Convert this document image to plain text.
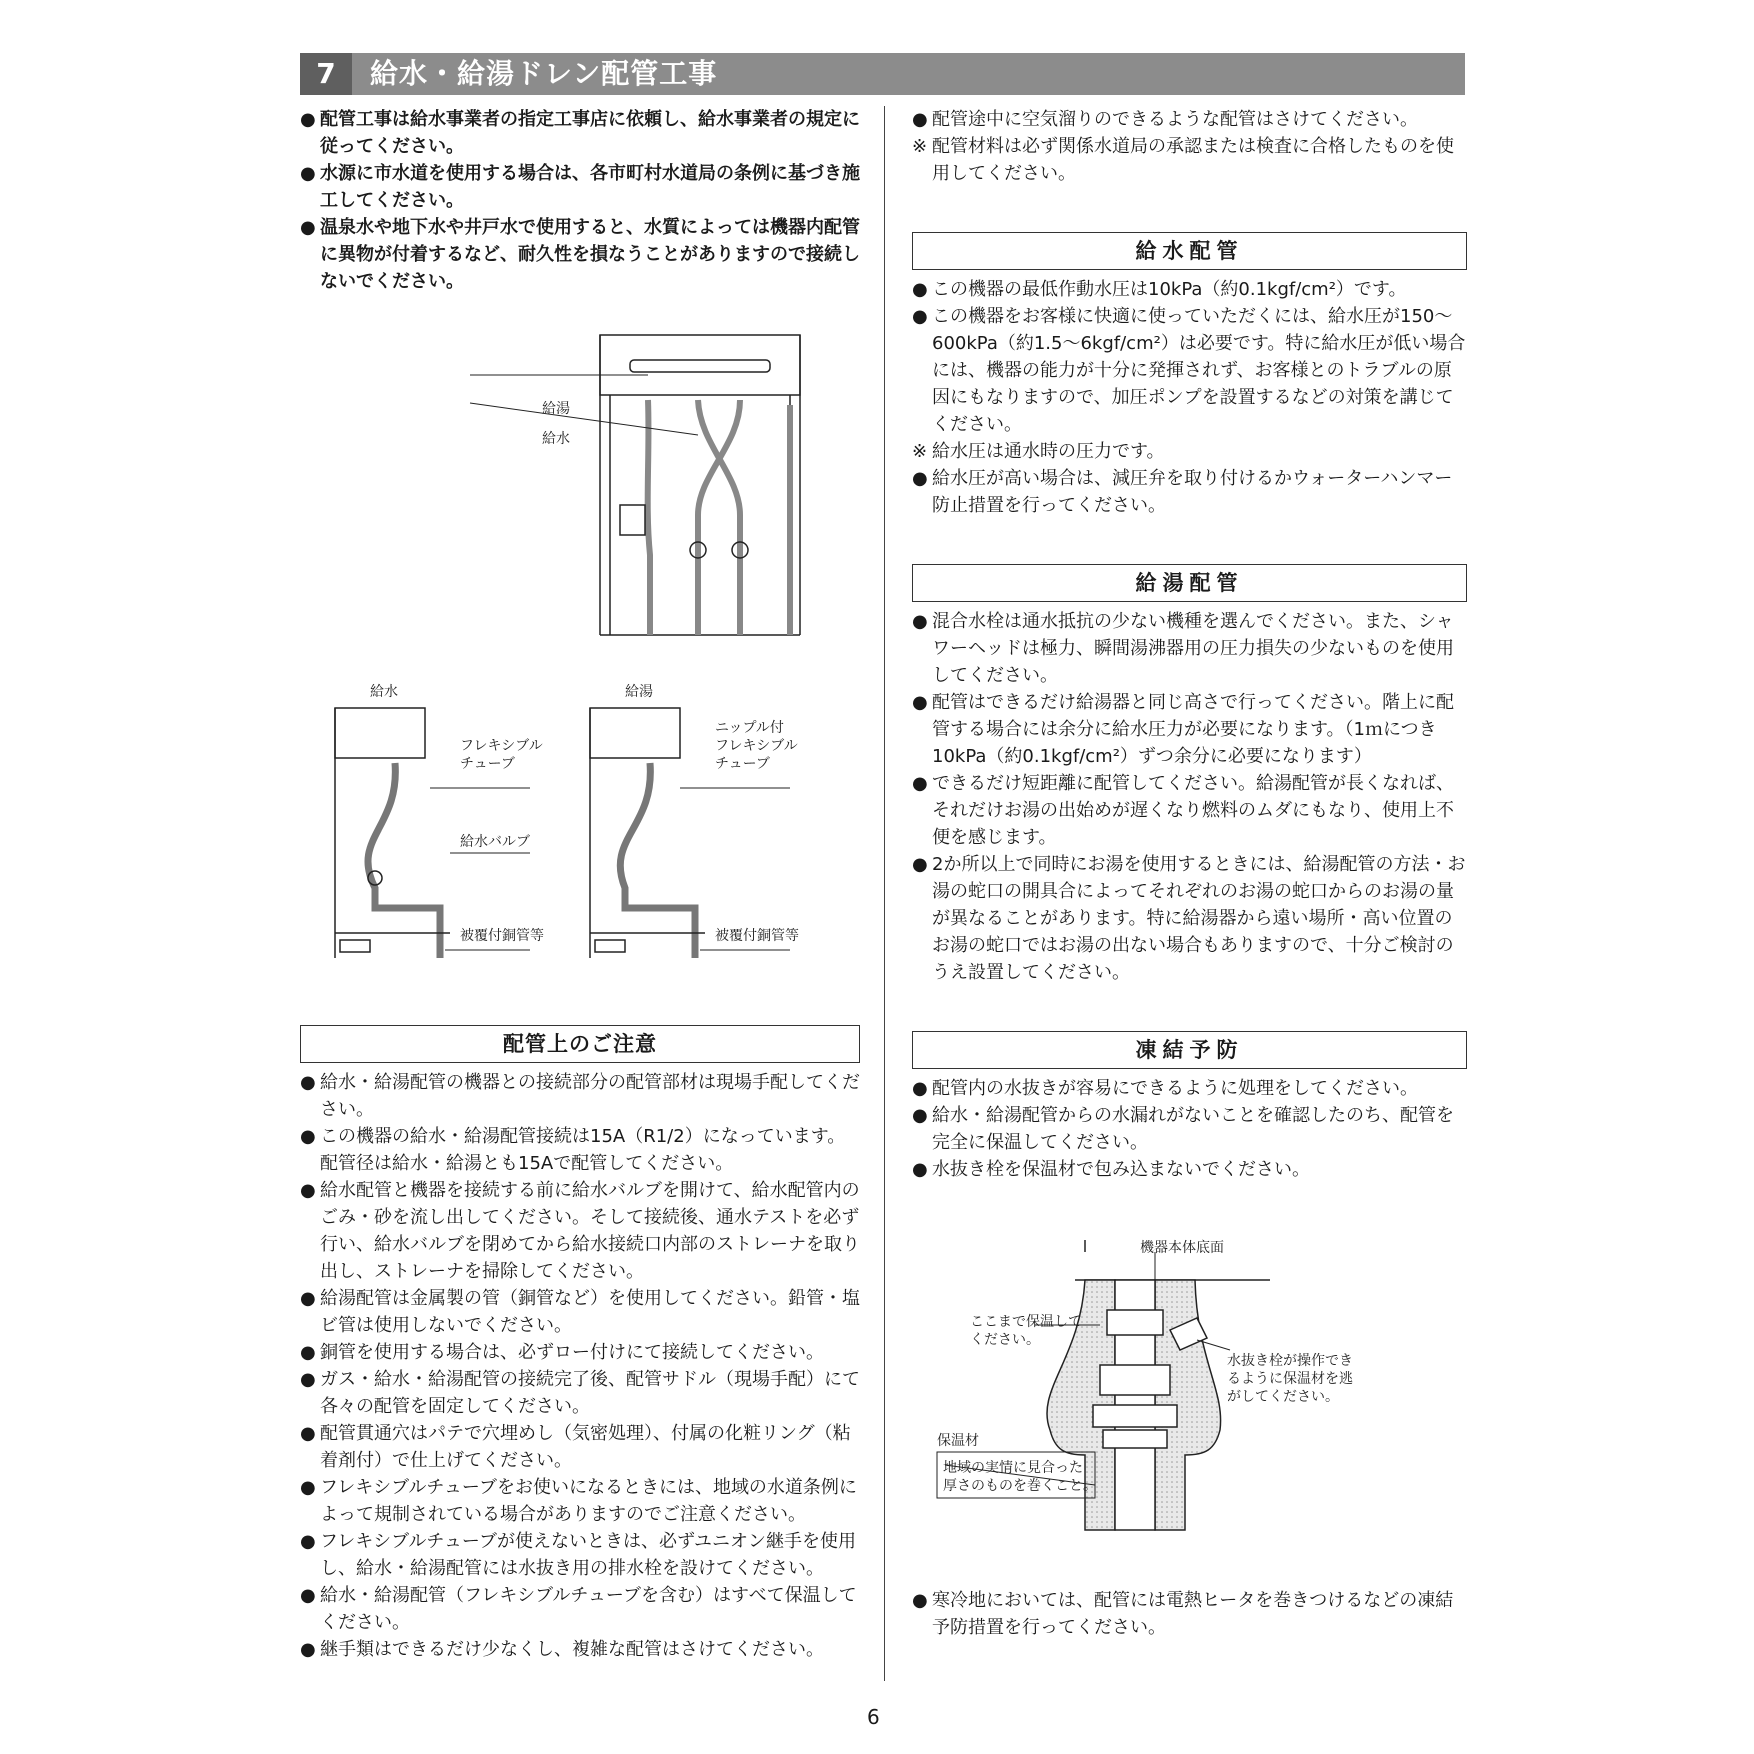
7	給水・給湯ドレン配管工事
● 配管工事は給水事業者の指定工事店に依頼し、給水事業者の規定に従ってください。
● 水源に市水道を使用する場合は、各市町村水道局の条例に基づき施工してください。
● 温泉水や地下水や井戸水で使用すると、水質によっては機器内配管に異物が付着するなど、耐久性を損なうことがありますので接続しないでください。
給湯
給水
給水
フレキシブル
チューブ
給水バルブ
被覆付銅管等
給湯
ニップル付
フレキシブル
チューブ
被覆付銅管等
配管上のご注意
● 給水・給湯配管の機器との接続部分の配管部材は現場手配してください。
● この機器の給水・給湯配管接続は15A（R1/2）になっています。配管径は給水・給湯とも15Aで配管してください。
● 給水配管と機器を接続する前に給水バルブを開けて、給水配管内のごみ・砂を流し出してください。そして接続後、通水テストを必ず行い、給水バルブを閉めてから給水接続口内部のストレーナを取り出し、ストレーナを掃除してください。
● 給湯配管は金属製の管（銅管など）を使用してください。鉛管・塩ビ管は使用しないでください。
● 銅管を使用する場合は、必ずロー付けにて接続してください。
● ガス・給水・給湯配管の接続完了後、配管サドル（現場手配）にて各々の配管を固定してください。
● 配管貫通穴はパテで穴埋めし（気密処理）、付属の化粧リング（粘着剤付）で仕上げてください。
● フレキシブルチューブをお使いになるときには、地域の水道条例によって規制されている場合がありますのでご注意ください。
● フレキシブルチューブが使えないときは、必ずユニオン継手を使用し、給水・給湯配管には水抜き用の排水栓を設けてください。
● 給水・給湯配管（フレキシブルチューブを含む）はすべて保温してください。
● 継手類はできるだけ少なくし、複雑な配管はさけてください。
● 配管途中に空気溜りのできるような配管はさけてください。
※ 配管材料は必ず関係水道局の承認または検査に合格したものを使用してください。
給水配管
● この機器の最低作動水圧は10kPa（約0.1kgf/cm²）です。
● この機器をお客様に快適に使っていただくには、給水圧が150～600kPa（約1.5～6kgf/cm²）は必要です。特に給水圧が低い場合には、機器の能力が十分に発揮されず、お客様とのトラブルの原因にもなりますので、加圧ポンプを設置するなどの対策を講じてください。
※ 給水圧は通水時の圧力です。
● 給水圧が高い場合は、減圧弁を取り付けるかウォーターハンマー防止措置を行ってください。
給湯配管
● 混合水栓は通水抵抗の少ない機種を選んでください。また、シャワーヘッドは極力、瞬間湯沸器用の圧力損失の少ないものを使用してください。
● 配管はできるだけ給湯器と同じ高さで行ってください。階上に配管する場合には余分に給水圧力が必要になります。（1ｍにつき10kPa（約0.1kgf/cm²）ずつ余分に必要になります）
● できるだけ短距離に配管してください。給湯配管が長くなれば、それだけお湯の出始めが遅くなり燃料のムダにもなり、使用上不便を感じます。
● 2か所以上で同時にお湯を使用するときには、給湯配管の方法・お湯の蛇口の開具合によってそれぞれのお湯の蛇口からのお湯の量が異なることがあります。特に給湯器から遠い場所・高い位置のお湯の蛇口ではお湯の出ない場合もありますので、十分ご検討のうえ設置してください。
凍結予防
● 配管内の水抜きが容易にできるように処理をしてください。
● 給水・給湯配管からの水漏れがないことを確認したのち、配管を完全に保温してください。
● 水抜き栓を保温材で包み込まないでください。
機器本体底面
ここまで保温して
ください。
水抜き栓が操作でき
るように保温材を逃
がしてください。
保温材
地域の実情に見合った
厚さのものを巻くこと。
● 寒冷地においては、配管には電熱ヒータを巻きつけるなどの凍結予防措置を行ってください。
6
